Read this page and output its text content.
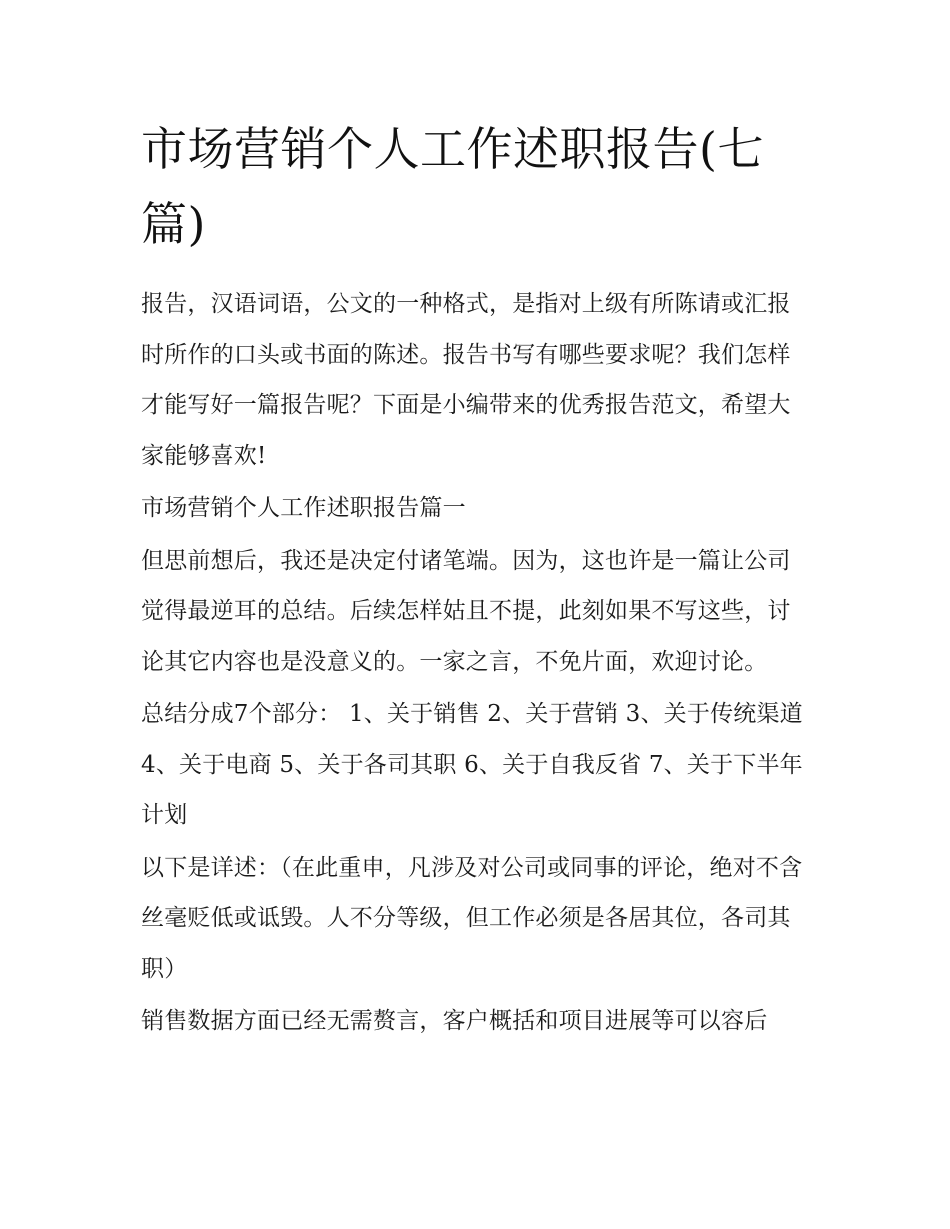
市场营销个人工作述职报告(七篇)

报告，汉语词语，公文的一种格式，是指对上级有所陈请或汇报时所作的口头或书面的陈述。报告书写有哪些要求呢？我们怎样才能写好一篇报告呢？下面是小编带来的优秀报告范文，希望大家能够喜欢!

市场营销个人工作述职报告篇一

但思前想后，我还是决定付诸笔端。因为，这也许是一篇让公司觉得最逆耳的总结。后续怎样姑且不提，此刻如果不写这些，讨论其它内容也是没意义的。一家之言，不免片面，欢迎讨论。

总结分成7个部分： 1、关于销售 2、关于营销 3、关于传统渠道 4、关于电商 5、关于各司其职 6、关于自我反省 7、关于下半年计划

以下是详述：（在此重申，凡涉及对公司或同事的评论，绝对不含丝毫贬低或诋毁。人不分等级，但工作必须是各居其位，各司其职）

销售数据方面已经无需赘言，客户概括和项目进展等可以容后
